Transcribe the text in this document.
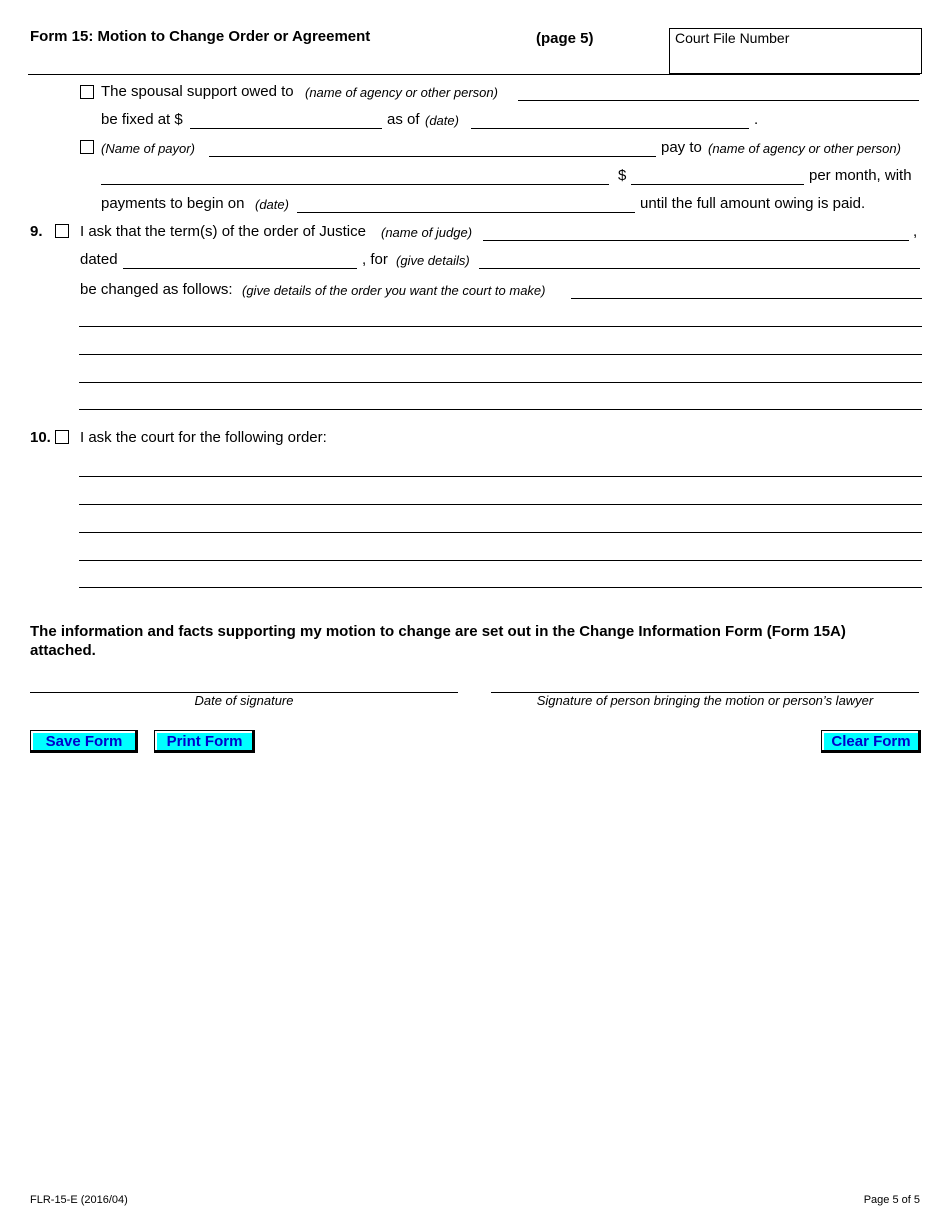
Form 15: Motion to Change Order or Agreement	(page 5)	Court File Number
The spousal support owed to (name of agency or other person)
be fixed at $	as of (date)	.
(Name of payor)	pay to (name of agency or other person)
$	per month, with
payments to begin on (date)	until the full amount owing is paid.
9. I ask that the term(s) of the order of Justice (name of judge)	,
dated	, for (give details)
be changed as follows: (give details of the order you want the court to make)
10. I ask the court for the following order:
The information and facts supporting my motion to change are set out in the Change Information Form (Form 15A) attached.
Date of signature	Signature of person bringing the motion or person’s lawyer
Save Form	Print Form	Clear Form
FLR-15-E (2016/04)	Page 5 of 5
